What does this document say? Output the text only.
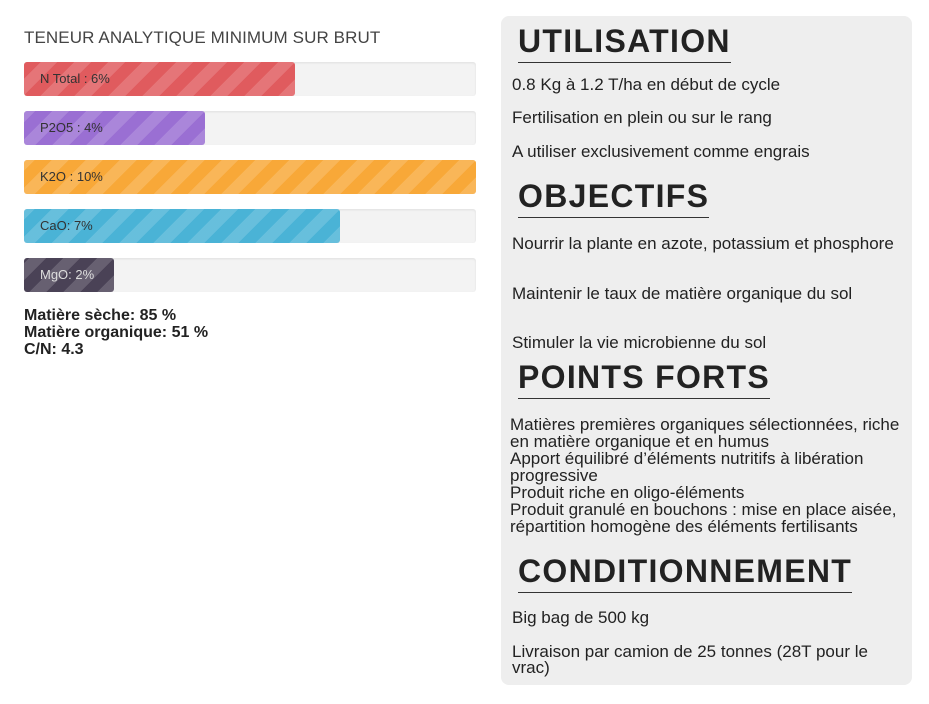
TENEUR ANALYTIQUE MINIMUM SUR BRUT
N Total : 6%
P2O5 : 4%
K2O : 10%
CaO: 7%
MgO: 2%
Matière sèche: 85 %
Matière organique: 51 %
C/N: 4.3
UTILISATION
0.8 Kg à 1.2 T/ha en début de cycle
Fertilisation en plein ou sur le rang
A utiliser exclusivement comme engrais
OBJECTIFS
Nourrir la plante en azote, potassium et phosphore
Maintenir le taux de matière organique du sol
Stimuler la vie microbienne du sol
POINTS FORTS
Matières premières organiques sélectionnées, riche en matière organique et en humus
Apport équilibré d’éléments nutritifs à libération progressive
Produit riche en oligo-éléments
Produit granulé en bouchons : mise en place aisée, répartition homogène des éléments fertilisants
CONDITIONNEMENT
Big bag de 500 kg
Livraison par camion de 25 tonnes (28T pour le vrac)
